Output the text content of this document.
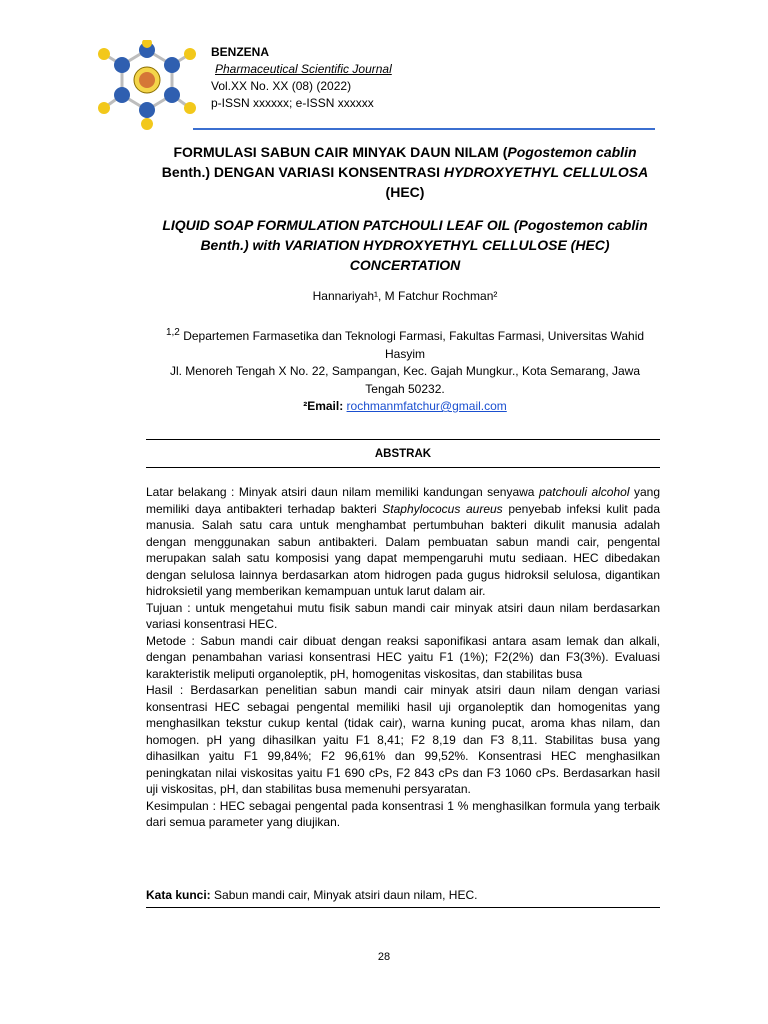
BENZENA
Pharmaceutical Scientific Journal
Vol.XX No. XX (08) (2022)
p-ISSN xxxxxx; e-ISSN xxxxxx
FORMULASI SABUN CAIR MINYAK DAUN NILAM (Pogostemon cablin Benth.) DENGAN VARIASI KONSENTRASI HYDROXYETHYL CELLULOSA (HEC)
LIQUID SOAP FORMULATION PATCHOULI LEAF OIL (Pogostemon cablin Benth.) with VARIATION HYDROXYETHYL CELLULOSE (HEC) CONCERTATION
Hannariyah¹, M Fatchur Rochman²
$^{1,2}$ Departemen Farmasetika dan Teknologi Farmasi, Fakultas Farmasi, Universitas Wahid Hasyim
Jl. Menoreh Tengah X No. 22, Sampangan, Kec. Gajah Mungkur., Kota Semarang, Jawa Tengah 50232.
²Email: rochmanmfatchur@gmail.com
ABSTRAK

Latar belakang : Minyak atsiri daun nilam memiliki kandungan senyawa patchouli alcohol yang memiliki daya antibakteri terhadap bakteri Staphylococus aureus penyebab infeksi kulit pada manusia. Salah satu cara untuk menghambat pertumbuhan bakteri dikulit manusia adalah dengan menggunakan sabun antibakteri. Dalam pembuatan sabun mandi cair, pengental merupakan salah satu komposisi yang dapat mempengaruhi mutu sediaan. HEC dibedakan dengan selulosa lainnya berdasarkan atom hidrogen pada gugus hidroksil selulosa, digantikan hidroksietil yang memberikan kemampuan untuk larut dalam air.

Tujuan : untuk mengetahui mutu fisik sabun mandi cair minyak atsiri daun nilam berdasarkan variasi konsentrasi HEC.

Metode : Sabun mandi cair dibuat dengan reaksi saponifikasi antara asam lemak dan alkali, dengan penambahan variasi konsentrasi HEC yaitu F1 (1%); F2(2%) dan F3(3%). Evaluasi karakteristik meliputi organoleptik, pH, homogenitas viskositas, dan stabilitas busa

Hasil : Berdasarkan penelitian sabun mandi cair minyak atsiri daun nilam dengan variasi konsentrasi HEC sebagai pengental memiliki hasil uji organoleptik dan homogenitas yang menghasilkan tekstur cukup kental (tidak cair), warna kuning pucat, aroma khas nilam, dan homogen. pH yang dihasilkan yaitu F1 8,41; F2 8,19 dan F3 8,11. Stabilitas busa yang dihasilkan yaitu F1 99,84%; F2 96,61% dan 99,52%. Konsentrasi HEC menghasilkan peningkatan nilai viskositas yaitu F1 690 cPs, F2 843 cPs dan F3 1060 cPs. Berdasarkan hasil uji viskositas, pH, dan stabilitas busa memenuhi persyaratan.

Kesimpulan : HEC sebagai pengental pada konsentrasi 1 % menghasilkan formula yang terbaik dari semua parameter yang diujikan.

Kata kunci: Sabun mandi cair, Minyak atsiri daun nilam, HEC.
28
